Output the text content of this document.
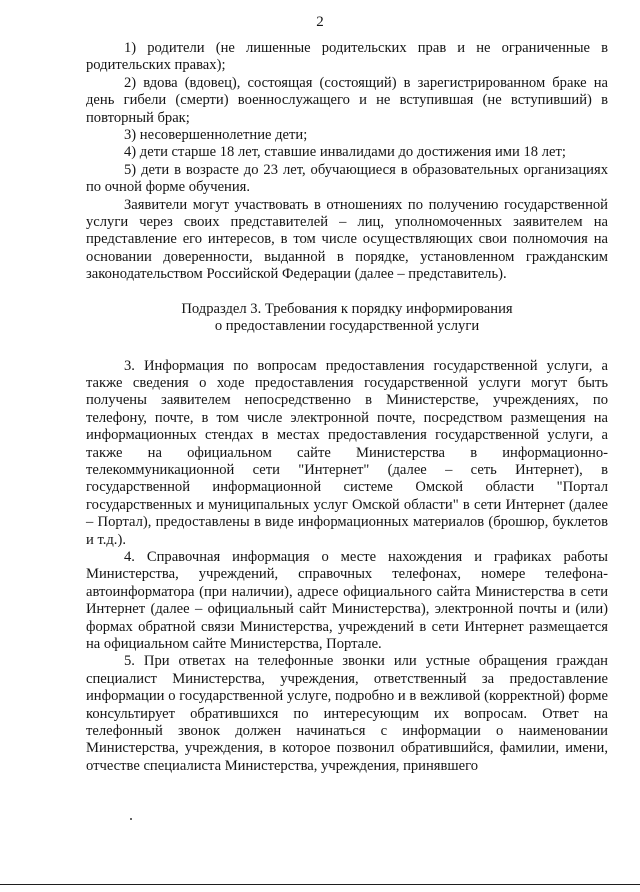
2

1) родители (не лишенные родительских прав и не ограниченные в родительских правах);

2) вдова (вдовец), состоящая (состоящий) в зарегистрированном браке на день гибели (смерти) военнослужащего и не вступившая (не вступивший) в повторный брак;

3) несовершеннолетние дети;

4) дети старше 18 лет, ставшие инвалидами до достижения ими 18 лет;

5) дети в возрасте до 23 лет, обучающиеся в образовательных организациях по очной форме обучения.

Заявители могут участвовать в отношениях по получению государственной услуги через своих представителей – лиц, уполномоченных заявителем на представление его интересов, в том числе осуществляющих свои полномочия на основании доверенности, выданной в порядке, установленном гражданским законодательством Российской Федерации (далее – представитель).

Подраздел 3. Требования к порядку информирования
о предоставлении государственной услуги

3. Информация по вопросам предоставления государственной услуги, а также сведения о ходе предоставления государственной услуги могут быть получены заявителем непосредственно в Министерстве, учреждениях, по телефону, почте, в том числе электронной почте, посредством размещения на информационных стендах в местах предоставления государственной услуги, а также на официальном сайте Министерства в информационно-телекоммуникационной сети "Интернет" (далее – сеть Интернет), в государственной информационной системе Омской области "Портал государственных и муниципальных услуг Омской области" в сети Интернет (далее – Портал), предоставлены в виде информационных материалов (брошюр, буклетов и т.д.).

4. Справочная информация о месте нахождения и графиках работы Министерства, учреждений, справочных телефонах, номере телефона-автоинформатора (при наличии), адресе официального сайта Министерства в сети Интернет (далее – официальный сайт Министерства), электронной почты и (или) формах обратной связи Министерства, учреждений в сети Интернет размещается на официальном сайте Министерства, Портале.

5. При ответах на телефонные звонки или устные обращения граждан специалист Министерства, учреждения, ответственный за предоставление информации о государственной услуге, подробно и в вежливой (корректной) форме консультирует обратившихся по интересующим их вопросам. Ответ на телефонный звонок должен начинаться с информации о наименовании Министерства, учреждения, в которое позвонил обратившийся, фамилии, имени, отчестве специалиста Министерства, учреждения, принявшего
